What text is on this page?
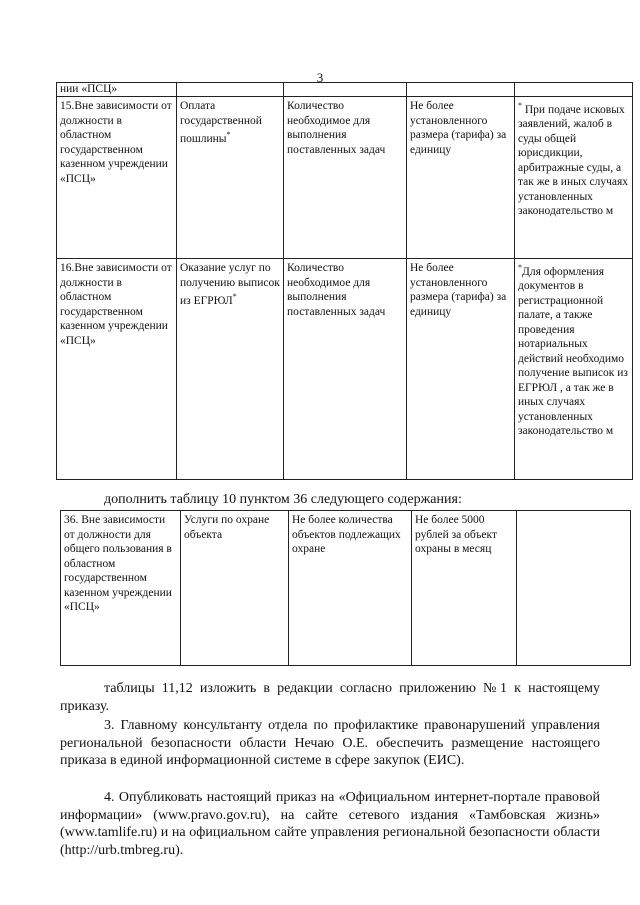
3
нии «ПСЦ»				
15.Вне зависимости от должности в областном государственном казенном учреждении «ПСЦ»	Оплата государственной пошлины*	Количество необходимое для выполнения поставленных задач	Не более установленного размера (тарифа) за единицу	* При подаче исковых заявлений, жалоб в суды общей юрисдикции, арбитражные суды, а так же в иных случаях установленных законодательство м
16.Вне зависимости от должности в областном государственном казенном учреждении «ПСЦ»	Оказание услуг по получению выписок из ЕГРЮЛ*	Количество необходимое для выполнения поставленных задач	Не более установленного размера (тарифа) за единицу	*Для оформления документов в регистрационной палате, а также проведения нотариальных действий необходимо получение выписок из ЕГРЮЛ , а так же в иных случаях установленных законодательство м
дополнить таблицу 10 пунктом 36 следующего содержания:
36. Вне зависимости от должности для общего пользования в областном государственном казенном учреждении «ПСЦ»	Услуги по охране объекта	Не более количества объектов подлежащих охране	Не более 5000 рублей за объект охраны в месяц	
таблицы 11,12 изложить в редакции согласно приложению №1 к настоящему приказу.
3. Главному консультанту отдела по профилактике правонарушений управления региональной безопасности области Нечаю О.Е. обеспечить размещение настоящего приказа в единой информационной системе в сфере закупок (ЕИС).
4. Опубликовать настоящий приказ на «Официальном интернет-портале правовой информации» (www.pravo.gov.ru), на сайте сетевого издания «Тамбовская жизнь» (www.tamlife.ru) и на официальном сайте управления региональной безопасности области (http://urb.tmbreg.ru).
